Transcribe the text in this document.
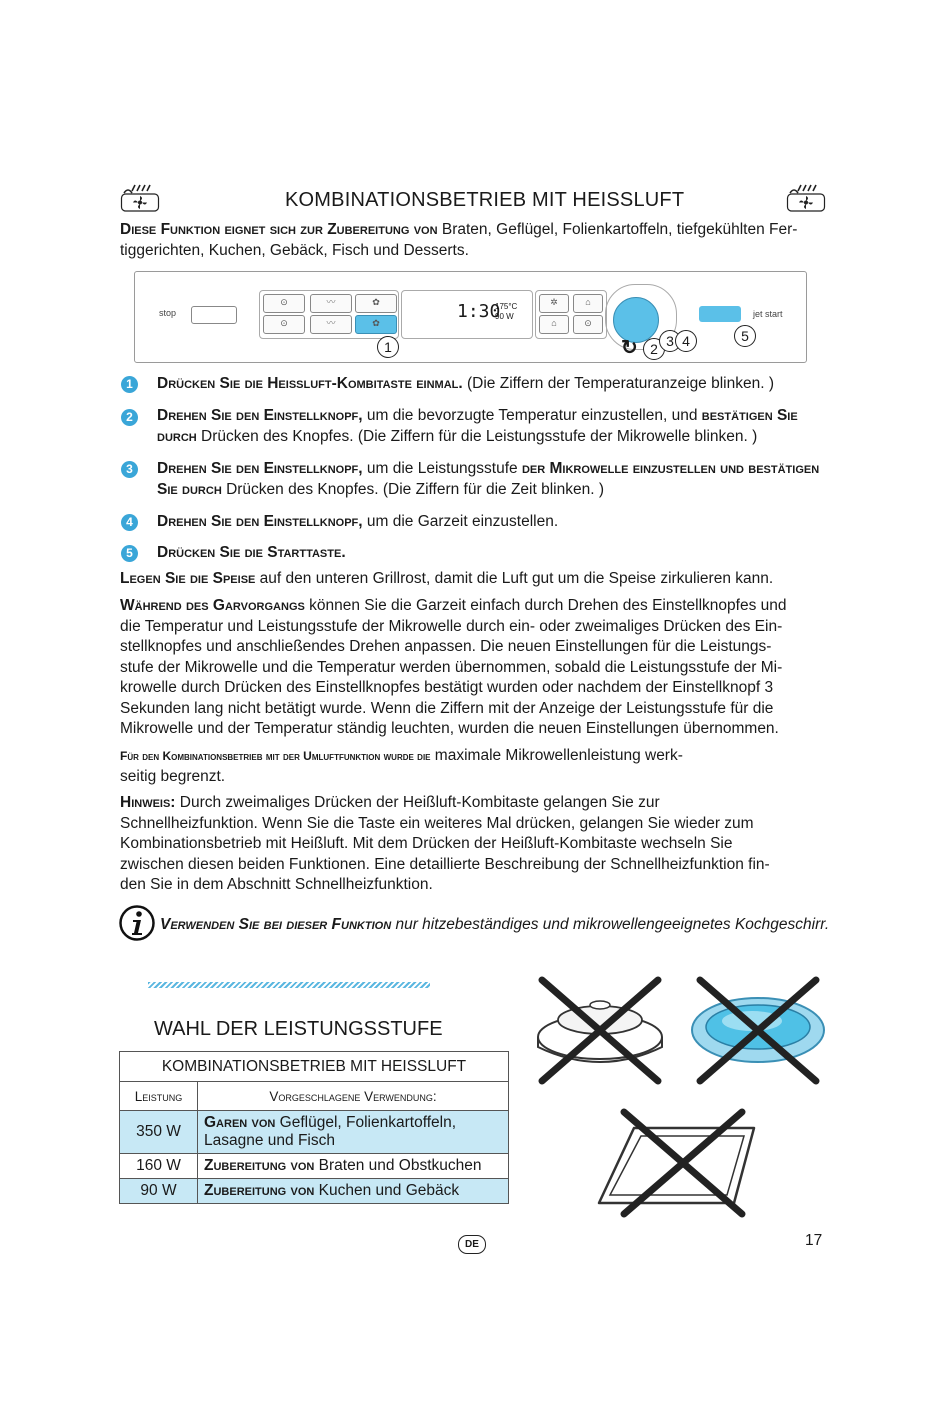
KOMBINATIONSBETRIEB MIT HEISSLUFT
Diese Funktion eignet sich zur Zubereitung von Braten, Geflügel, Folienkartoffeln, tiefgekühlten Fer-
tiggerichten, Kuchen, Gebäck, Fisch und Desserts.
stop
⊙	〰	✿
⊙	〰	✿
1:30
175°C
90 W
✲	⌂
⌂	⊙
jet start
1	↻ 2 3 4	5
1	Drücken Sie die Heissluft-Kombitaste einmal. (Die Ziffern der Temperaturanzeige blinken. )
2	Drehen Sie den Einstellknopf, um die bevorzugte Temperatur einzustellen, und bestätigen Sie
durch Drücken des Knopfes. (Die Ziffern für die Leistungsstufe der Mikrowelle blinken. )
3	Drehen Sie den Einstellknopf, um die Leistungsstufe der Mikrowelle einzustellen und bestätigen
Sie durch Drücken des Knopfes. (Die Ziffern für die Zeit blinken. )
4	Drehen Sie den Einstellknopf, um die Garzeit einzustellen.
5	Drücken Sie die Starttaste.
Legen Sie die Speise auf den unteren Grillrost, damit die Luft gut um die Speise zirkulieren kann.
Während des Garvorgangs können Sie die Garzeit einfach durch Drehen des Einstellknopfes und
die Temperatur und Leistungsstufe der Mikrowelle durch ein- oder zweimaliges Drücken des Ein-
stellknopfes und anschließendes Drehen anpassen. Die neuen Einstellungen für die Leistungs-
stufe der Mikrowelle und die Temperatur werden übernommen, sobald die Leistungsstufe der Mi-
krowelle durch Drücken des Einstellknopfes bestätigt wurden oder nachdem der Einstellknopf 3
Sekunden lang nicht betätigt wurde. Wenn die Ziffern mit der Anzeige der Leistungsstufe für die
Mikrowelle und der Temperatur ständig leuchten, wurden die neuen Einstellungen übernommen.
Für den Kombinationsbetrieb mit der Umluftfunktion wurde die maximale Mikrowellenleistung werk-
seitig begrenzt.
Hinweis: Durch zweimaliges Drücken der Heißluft-Kombitaste gelangen Sie zur
Schnellheizfunktion. Wenn Sie die Taste ein weiteres Mal drücken, gelangen Sie wieder zum
Kombinationsbetrieb mit Heißluft. Mit dem Drücken der Heißluft-Kombitaste wechseln Sie
zwischen diesen beiden Funktionen. Eine detaillierte Beschreibung der Schnellheizfunktion fin-
den Sie in dem Abschnitt Schnellheizfunktion.
Verwenden Sie bei dieser Funktion nur hitzebeständiges und mikrowellengeeignetes Kochgeschirr.
WAHL DER LEISTUNGSSTUFE
KOMBINATIONSBETRIEB MIT HEISSLUFT	
Leistung	Vorgeschlagene Verwendung:
350 W	Garen von Geflügel, Folienkartoffeln,
Lasagne und Fisch
160 W	Zubereitung von Braten und Obstkuchen
90 W	Zubereitung von Kuchen und Gebäck
DE	17
